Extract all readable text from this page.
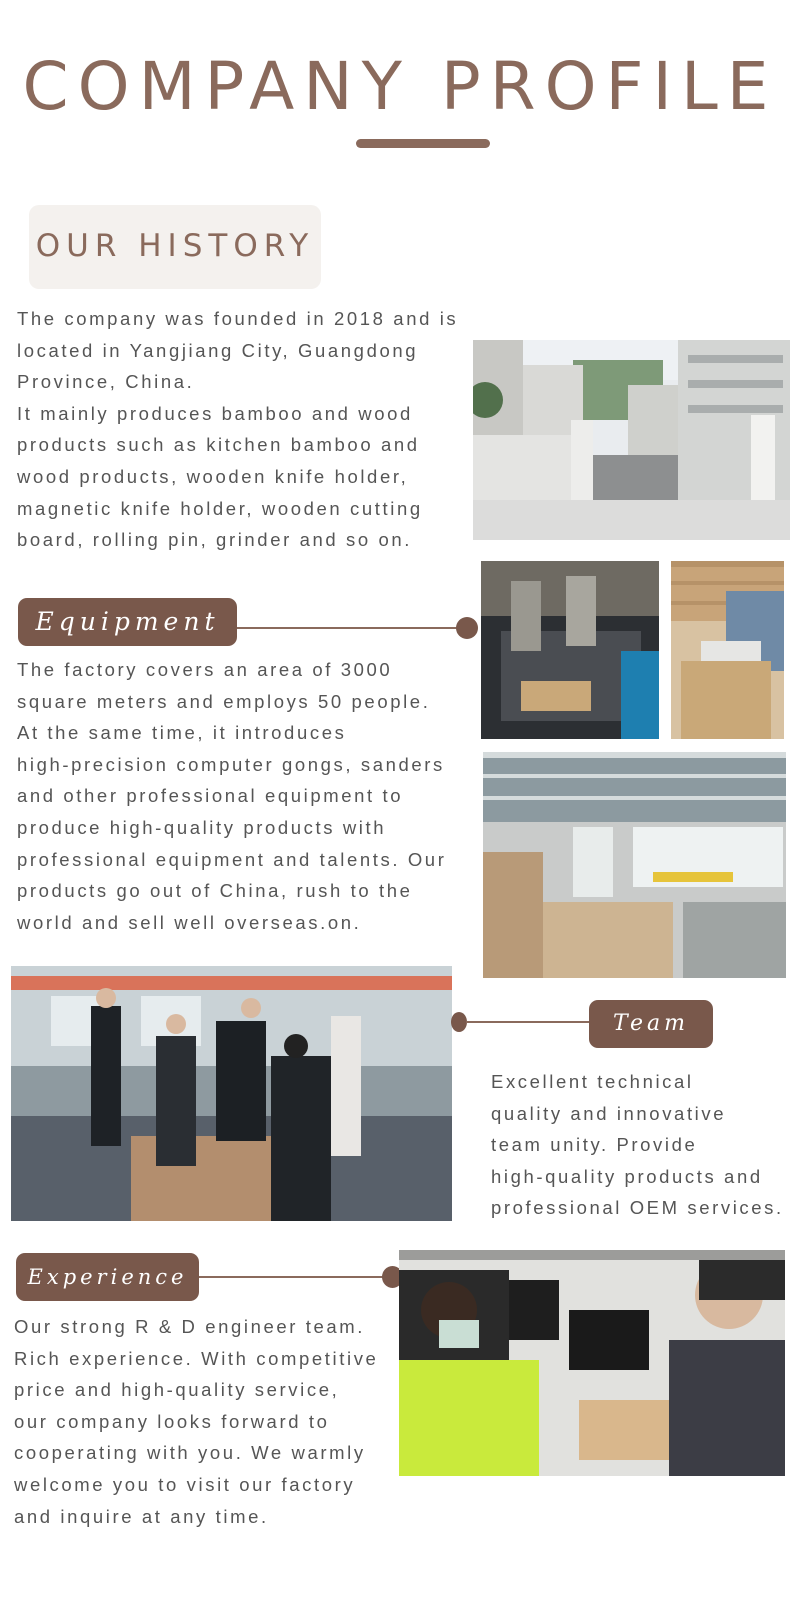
COMPANY PROFILE
OUR HISTORY
The company was founded in 2018 and is
located in Yangjiang City, Guangdong
Province, China.
It mainly produces bamboo and wood
products such as kitchen bamboo and
wood products, wooden knife holder,
magnetic knife holder, wooden cutting
board, rolling pin, grinder and so on.
Equipment
The factory covers an area of 3000
square meters and employs 50 people.
At the same time, it introduces
high-precision computer gongs, sanders
and other professional equipment to
produce high-quality products with
professional equipment and talents. Our
products go out of China, rush to the
world and sell well overseas.on.
Team
Excellent technical
quality and innovative
team unity. Provide
high-quality products and
professional OEM services.
Experience
Our strong R & D engineer team.
Rich experience. With competitive
price and high-quality service,
our company looks forward to
cooperating with you. We warmly
welcome you to visit our factory
and inquire at any time.
